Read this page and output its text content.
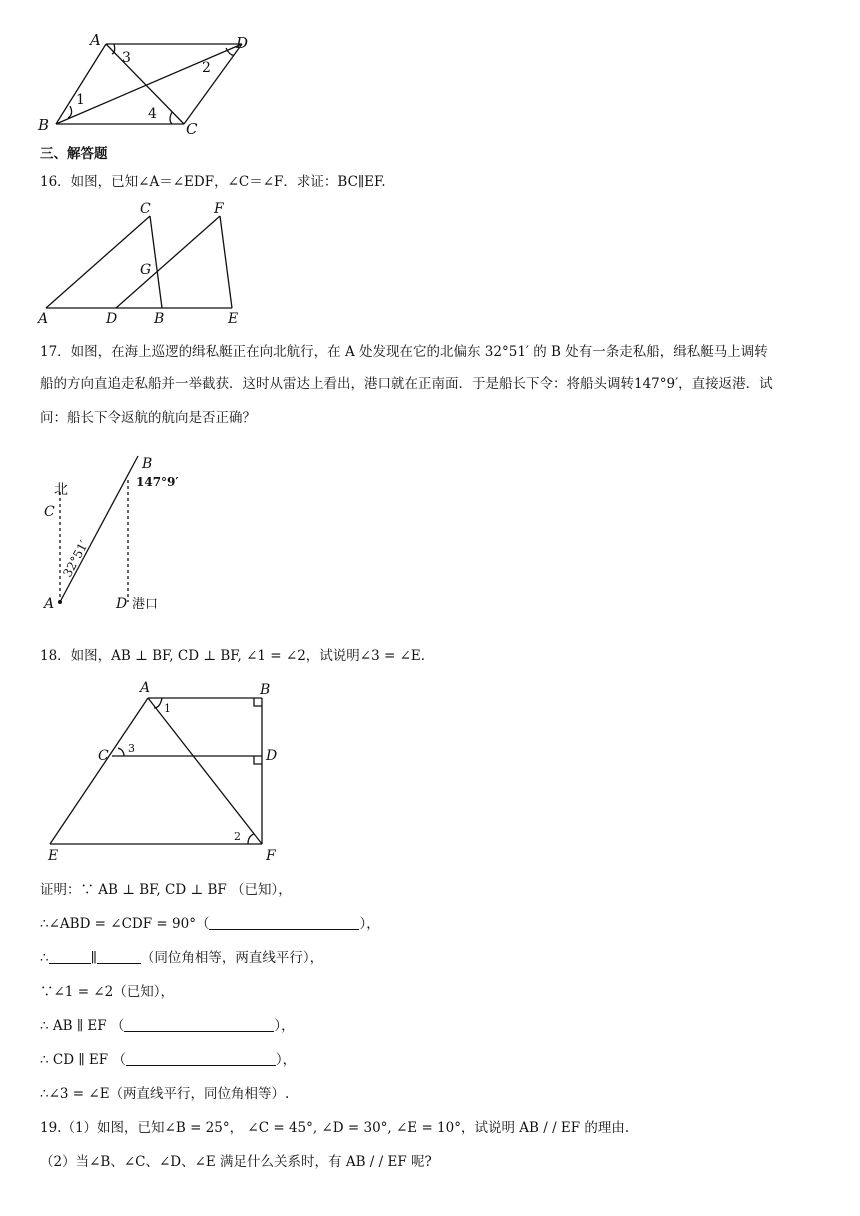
A	D
B	C
1
2
3
4
三、解答题
16．如图，已知∠A＝∠EDF，∠C＝∠F．求证：BC∥EF.
C	F
G
A	D	B	E
17．如图，在海上巡逻的缉私艇正在向北航行，在 A 处发现在它的北偏东 32°51′ 的 B 处有一条走私船，缉私艇马上调转
船的方向直追走私船并一举截获．这时从雷达上看出，港口就在正南面．于是船长下令：将船头调转147°9′，直接返港．试
问：船长下令返航的航向是否正确？
北
C
A
B
D 港口
147°9′
32°51′
18．如图，AB ⊥ BF, CD ⊥ BF, ∠1 = ∠2，试说明∠3 = ∠E．
A	B
C	D
E	F
1
2
3
证明：∵ AB ⊥ BF, CD ⊥ BF （已知），
∴∠ABD = ∠CDF = 90°（	），
∴	∥	（同位角相等，两直线平行），
∵∠1 = ∠2（已知），
∴ AB ∥ EF （	），
∴ CD ∥ EF （	），
∴∠3 = ∠E（两直线平行，同位角相等）.
19.（1）如图，已知∠B = 25°， ∠C = 45°, ∠D = 30°, ∠E = 10°，试说明 AB / / EF 的理由.
（2）当∠B、∠C、∠D、∠E 满足什么关系时，有 AB / / EF 呢?
